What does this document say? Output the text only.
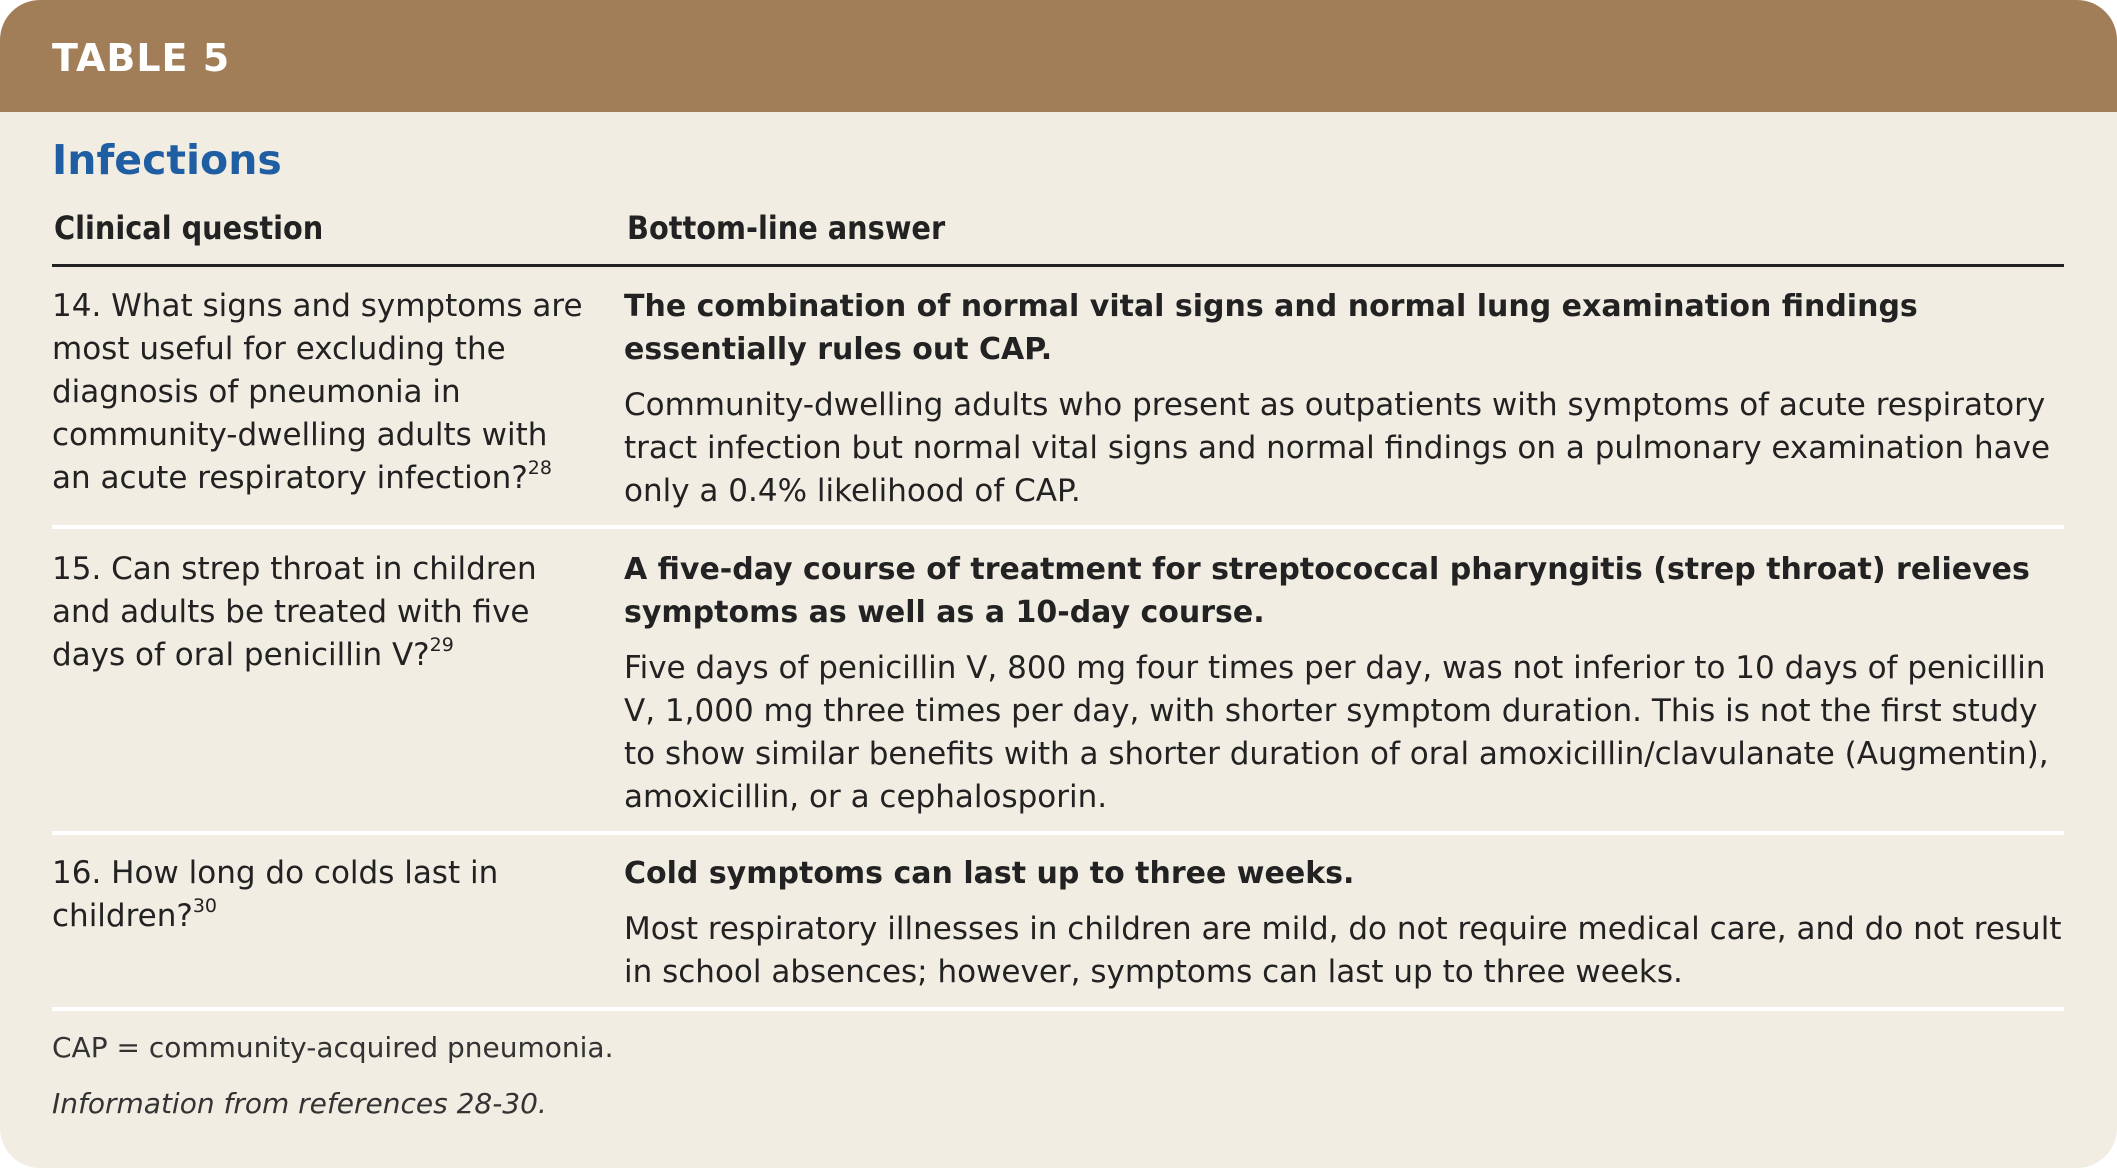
TABLE 5
Infections
Clinical question	Bottom-line answer
14. What signs and symptoms are most useful for excluding the diagnosis of pneumonia in community-dwelling adults with an acute respiratory infection?$^{28}$

The combination of normal vital signs and normal lung examination findings essentially rules out CAP.

Community-dwelling adults who present as outpatients with symptoms of acute respiratory tract infection but normal vital signs and normal findings on a pulmonary examination have only a 0.4% likelihood of CAP.

15. Can strep throat in children and adults be treated with five days of oral penicillin V?$^{29}$

A five-day course of treatment for streptococcal pharyngitis (strep throat) relieves symptoms as well as a 10-day course.

Five days of penicillin V, 800 mg four times per day, was not inferior to 10 days of penicillin V, 1,000 mg three times per day, with shorter symptom duration. This is not the first study to show similar benefits with a shorter duration of oral amoxicillin/clavulanate (Augmentin), amoxicillin, or a cephalosporin.

16. How long do colds last in children?$^{30}$

Cold symptoms can last up to three weeks.

Most respiratory illnesses in children are mild, do not require medical care, and do not result in school absences; however, symptoms can last up to three weeks.

CAP = community-acquired pneumonia.
Information from references 28-30.
